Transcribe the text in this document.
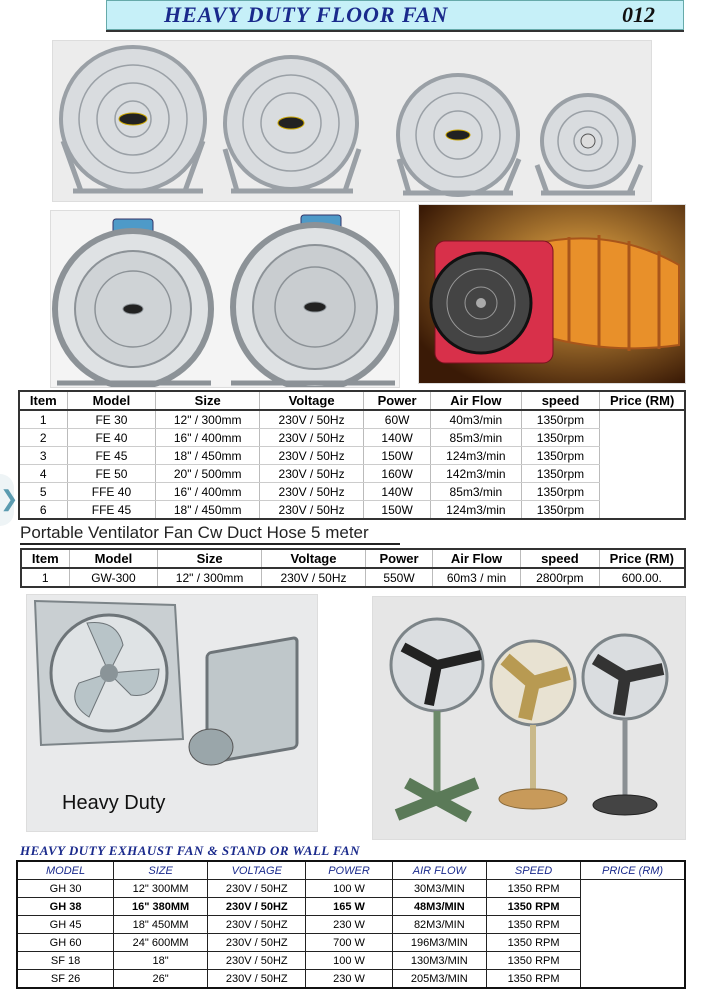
❯
HEAVY DUTY FLOOR FAN	012
Item	Model	Size	Voltage	Power	Air Flow	speed	Price (RM)
1	FE 30	12" / 300mm	230V / 50Hz	60W	40m3/min	1350rpm	
2	FE 40	16" / 400mm	230V / 50Hz	140W	85m3/min	1350rpm	
3	FE 45	18" / 450mm	230V / 50Hz	150W	124m3/min	1350rpm	
4	FE 50	20" / 500mm	230V / 50Hz	160W	142m3/min	1350rpm	
5	FFE 40	16" / 400mm	230V / 50Hz	140W	85m3/min	1350rpm	
6	FFE 45	18" / 450mm	230V / 50Hz	150W	124m3/min	1350rpm	
Portable Ventilator Fan Cw Duct Hose 5 meter
Item	Model	Size	Voltage	Power	Air Flow	speed	Price (RM)
1	GW-300	12" / 300mm	230V / 50Hz	550W	60m3 / min	2800rpm	600.00.
Heavy Duty
HEAVY DUTY EXHAUST FAN & STAND OR WALL FAN
MODEL	SIZE	VOLTAGE	POWER	AIR FLOW	SPEED	PRICE (RM)
GH 30	12" 300MM	230V / 50HZ	100 W	30M3/MIN	1350 RPM	
GH 38	16" 380MM	230V / 50HZ	165 W	48M3/MIN	1350 RPM	
GH 45	18" 450MM	230V / 50HZ	230 W	82M3/MIN	1350 RPM	
GH 60	24" 600MM	230V / 50HZ	700 W	196M3/MIN	1350 RPM	
SF 18	18"	230V / 50HZ	100 W	130M3/MIN	1350 RPM	
SF 26	26"	230V / 50HZ	230 W	205M3/MIN	1350 RPM	
